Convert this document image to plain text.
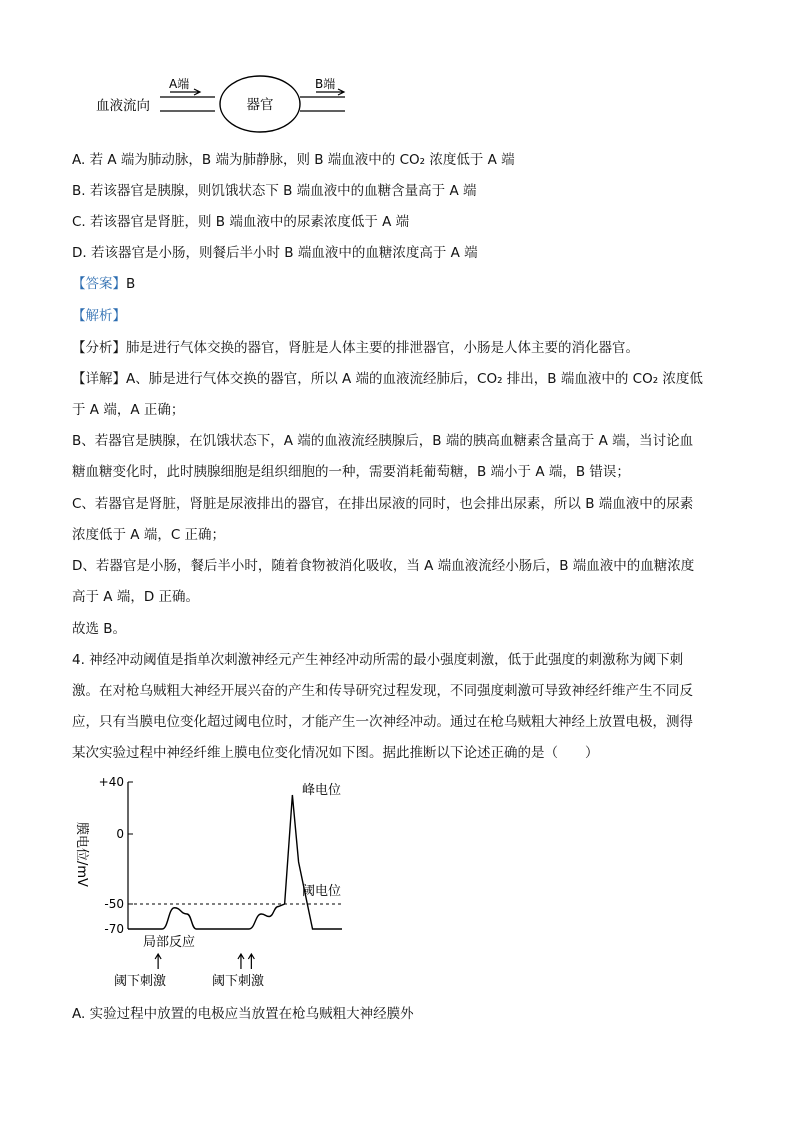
血液流向
A端
器官
B端
A. 若 A 端为肺动脉，B 端为肺静脉，则 B 端血液中的 CO₂ 浓度低于 A 端
B. 若该器官是胰腺，则饥饿状态下 B 端血液中的血糖含量高于 A 端
C. 若该器官是肾脏，则 B 端血液中的尿素浓度低于 A 端
D. 若该器官是小肠，则餐后半小时 B 端血液中的血糖浓度高于 A 端
【答案】B
【解析】
【分析】肺是进行气体交换的器官，肾脏是人体主要的排泄器官，小肠是人体主要的消化器官。
【详解】A、肺是进行气体交换的器官，所以 A 端的血液流经肺后，CO₂ 排出，B 端血液中的 CO₂ 浓度低
于 A 端，A 正确；
B、若器官是胰腺，在饥饿状态下，A 端的血液流经胰腺后，B 端的胰高血糖素含量高于 A 端，当讨论血
糖血糖变化时，此时胰腺细胞是组织细胞的一种，需要消耗葡萄糖，B 端小于 A 端，B 错误；
C、若器官是肾脏，肾脏是尿液排出的器官，在排出尿液的同时，也会排出尿素，所以 B 端血液中的尿素
浓度低于 A 端，C 正确；
D、若器官是小肠，餐后半小时，随着食物被消化吸收，当 A 端血液流经小肠后，B 端血液中的血糖浓度
高于 A 端，D 正确。
故选 B。
4. 神经冲动阈值是指单次刺激神经元产生神经冲动所需的最小强度刺激，低于此强度的刺激称为阈下刺
激。在对枪乌贼粗大神经开展兴奋的产生和传导研究过程发现，不同强度刺激可导致神经纤维产生不同反
应，只有当膜电位变化超过阈电位时，才能产生一次神经冲动。通过在枪乌贼粗大神经上放置电极，测得
某次实验过程中神经纤维上膜电位变化情况如下图。据此推断以下论述正确的是（　　）
+40
0
-50
-70
膜电位/mV
峰电位
阈电位
局部反应
阈下刺激	阈下刺激
A. 实验过程中放置的电极应当放置在枪乌贼粗大神经膜外
